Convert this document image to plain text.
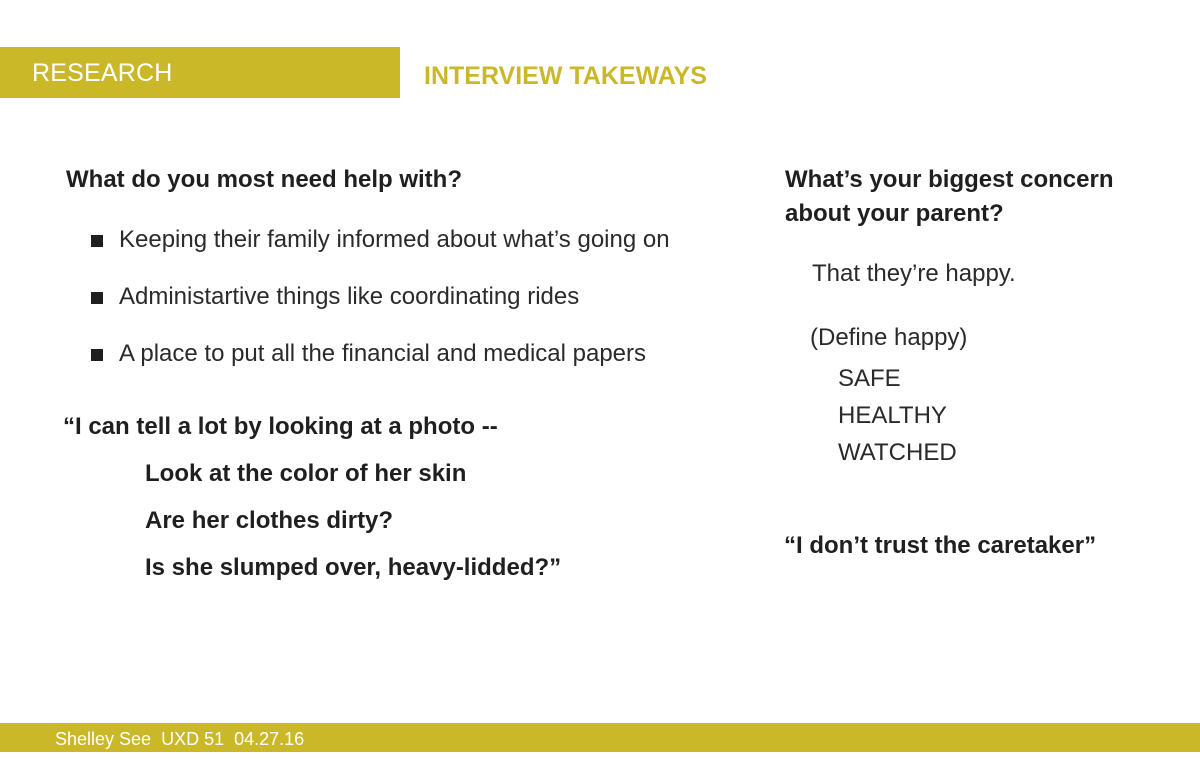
RESEARCH	INTERVIEW TAKEWAYS
What do you most need help with?
Keeping their family informed about what’s going on
Administartive things like coordinating rides
A place to put all the financial and medical papers
“I can tell a lot by looking at a photo --
Look at the color of her skin
Are her clothes dirty?
Is she slumped over, heavy-lidded?”
What’s your biggest concern
about your parent?
That they’re happy.
(Define happy)
SAFE
HEALTHY
WATCHED
“I don’t trust the caretaker”
Shelley See  UXD 51  04.27.16
